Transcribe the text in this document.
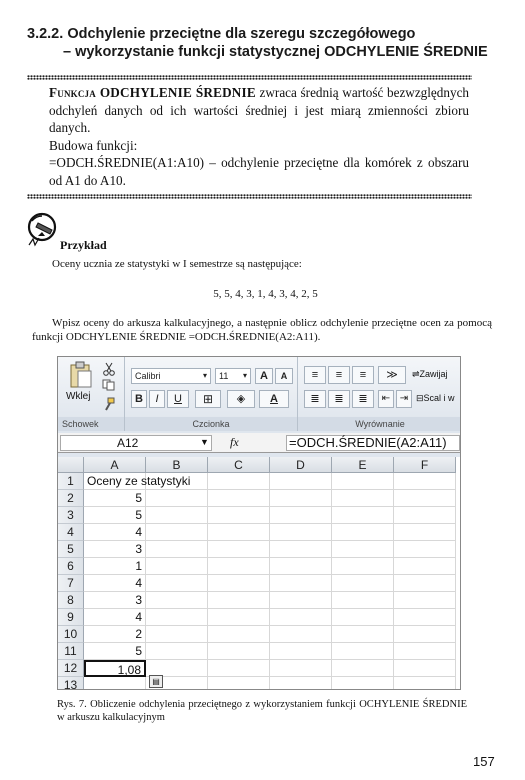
3.2.2. Odchylenie przeciętne dla szeregu szczegółowego
– wykorzystanie funkcji statystycznej ODCHYLENIE ŚREDNIE

Funkcja ODCHYLENIE ŚREDNIE zwraca średnią wartość bezwzględnych odchyleń danych od ich wartości średniej i jest miarą zmienności zbioru danych.

Budowa funkcji:

=ODCH.ŚREDNIE(A1:A10) – odchylenie przeciętne dla komórek z obszaru od A1 do A10.

Przykład
Oceny ucznia ze statystyki w I semestrze są następujące:
5, 5, 4, 3, 1, 4, 3, 4, 2, 5
Wpisz oceny do arkusza kalkulacyjnego, a następnie oblicz odchylenie przeciętne ocen za pomocą funkcji ODCHYLENIE ŚREDNIE =ODCH.ŚREDNIE(A2:A11).
Wklej
Schowek
Calibri	▾	11 ▾	A	A
B	I	U	⊞	◈	A
Czcionka
≡	≡	≡	≫	⇌Zawijaj
≣	≣	≣	⇤ ⇥ ⊟Scal i w
Wyrównanie
A12	▼ fx	=ODCH.ŚREDNIE(A2:A11)
A	B	C	D	E	F
1	Oceny ze statystyki
2	5
3	5
4	4
5	3
6	1
7	4
8	3
9	4
10	2
11	5
12	1,08
13	▤
Rys. 7. Obliczenie odchylenia przeciętnego z wykorzystaniem funkcji OCHYLENIE ŚREDNIE w arkuszu kalkulacyjnym
157
